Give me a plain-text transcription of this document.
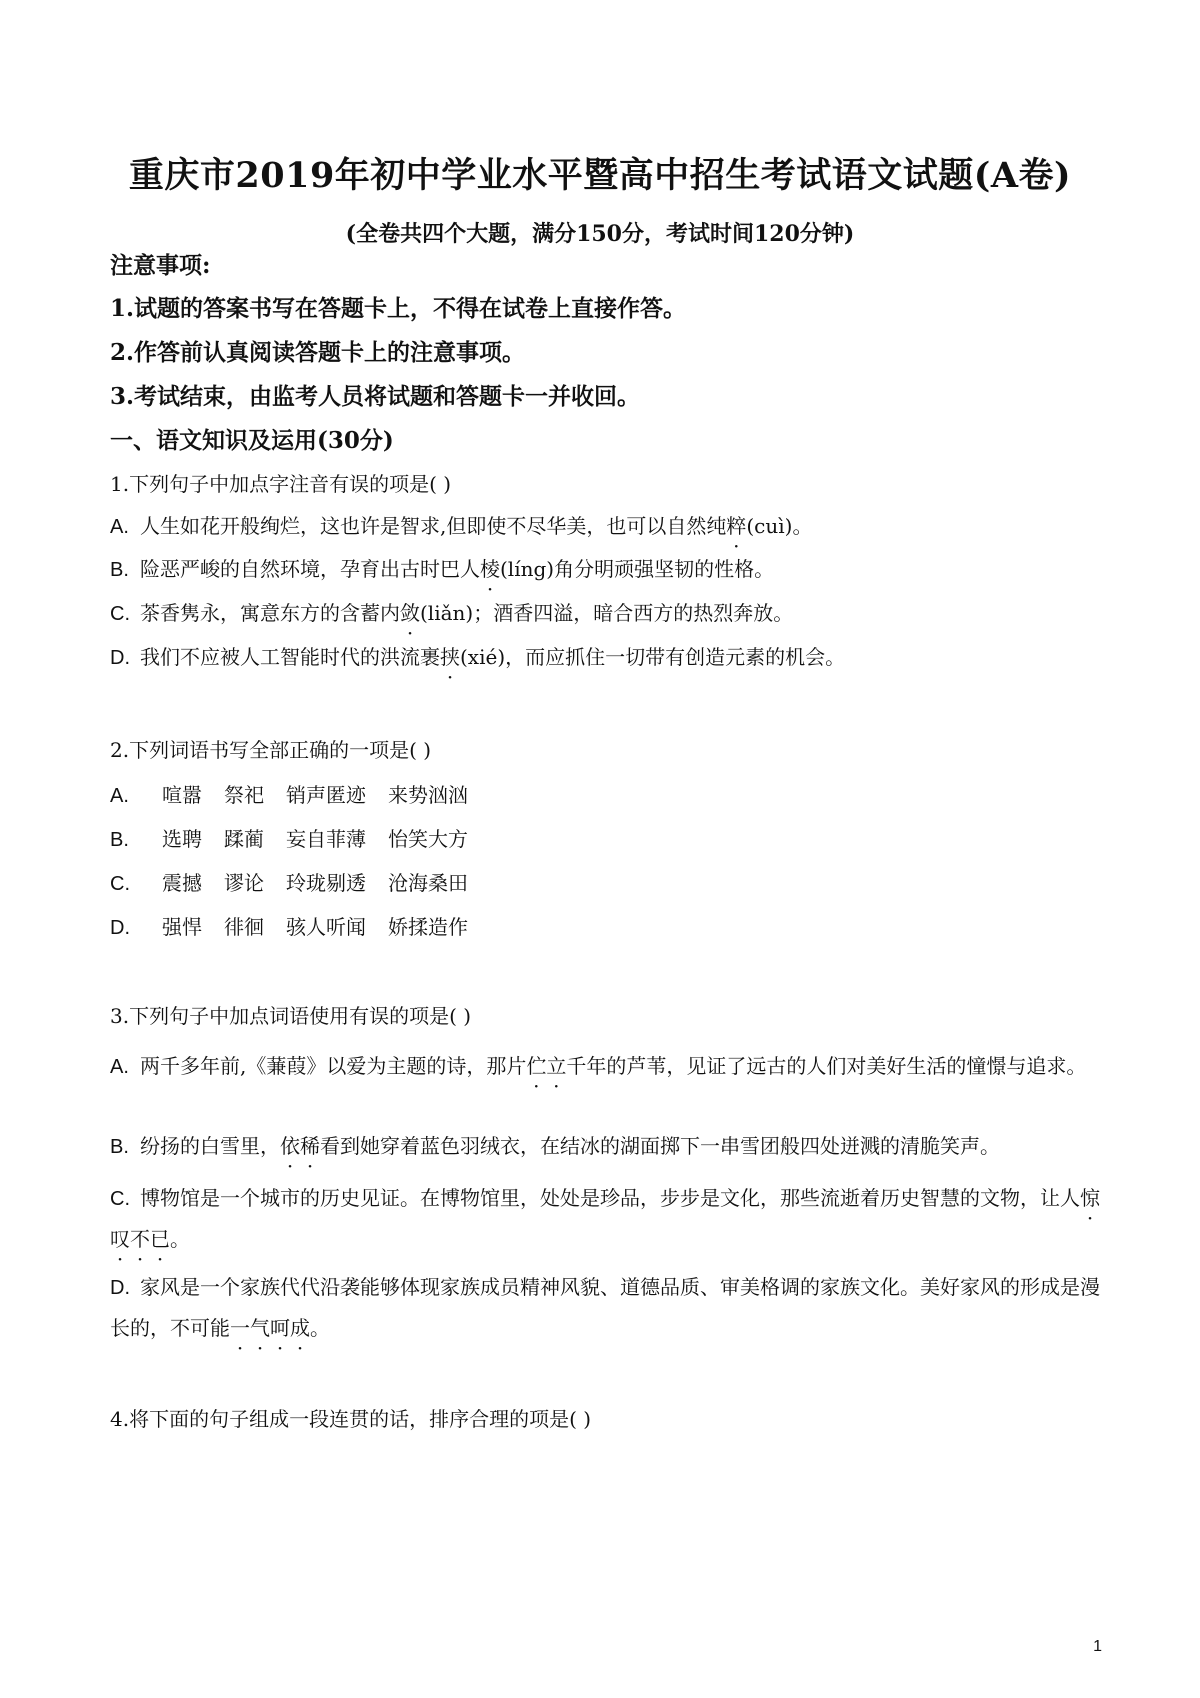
重庆市2019年初中学业水平暨高中招生考试语文试题(A卷)
(全卷共四个大题，满分150分，考试时间120分钟)
注意事项:
1.试题的答案书写在答题卡上，不得在试卷上直接作答。
2.作答前认真阅读答题卡上的注意事项。
3.考试结束，由监考人员将试题和答题卡一并收回。
一、语文知识及运用(30分)
1.下列句子中加点字注音有误的项是( )
A. 人生如花开般绚烂，这也许是智求,但即使不尽华美，也可以自然纯粹(cuì)。
B. 险恶严峻的自然环境，孕育出古时巴人棱(líng)角分明顽强坚韧的性格。
C. 茶香隽永，寓意东方的含蓄内敛(liǎn)；酒香四溢，暗合西方的热烈奔放。
D. 我们不应被人工智能时代的洪流裹挟(xié)，而应抓住一切带有创造元素的机会。
2.下列词语书写全部正确的一项是( )
A. 喧嚣 祭祀 销声匿迹 来势汹汹
B. 选聘 蹂蔺 妄自菲薄 怡笑大方
C. 震撼 谬论 玲珑剔透 沧海桑田
D. 强悍 徘徊 骇人听闻 娇揉造作
3.下列句子中加点词语使用有误的项是( )
A. 两千多年前,《蒹葭》以爱为主题的诗，那片伫立千年的芦苇，见证了远古的人们对美好生活的憧憬与追求。
B. 纷扬的白雪里，依稀看到她穿着蓝色羽绒衣，在结冰的湖面掷下一串雪团般四处迸溅的清脆笑声。
C. 博物馆是一个城市的历史见证。在博物馆里，处处是珍品，步步是文化，那些流逝着历史智慧的文物，让人惊叹不已。
D. 家风是一个家族代代沿袭能够体现家族成员精神风貌、道德品质、审美格调的家族文化。美好家风的形成是漫长的，不可能一气呵成。
4.将下面的句子组成一段连贯的话，排序合理的项是( )
1
